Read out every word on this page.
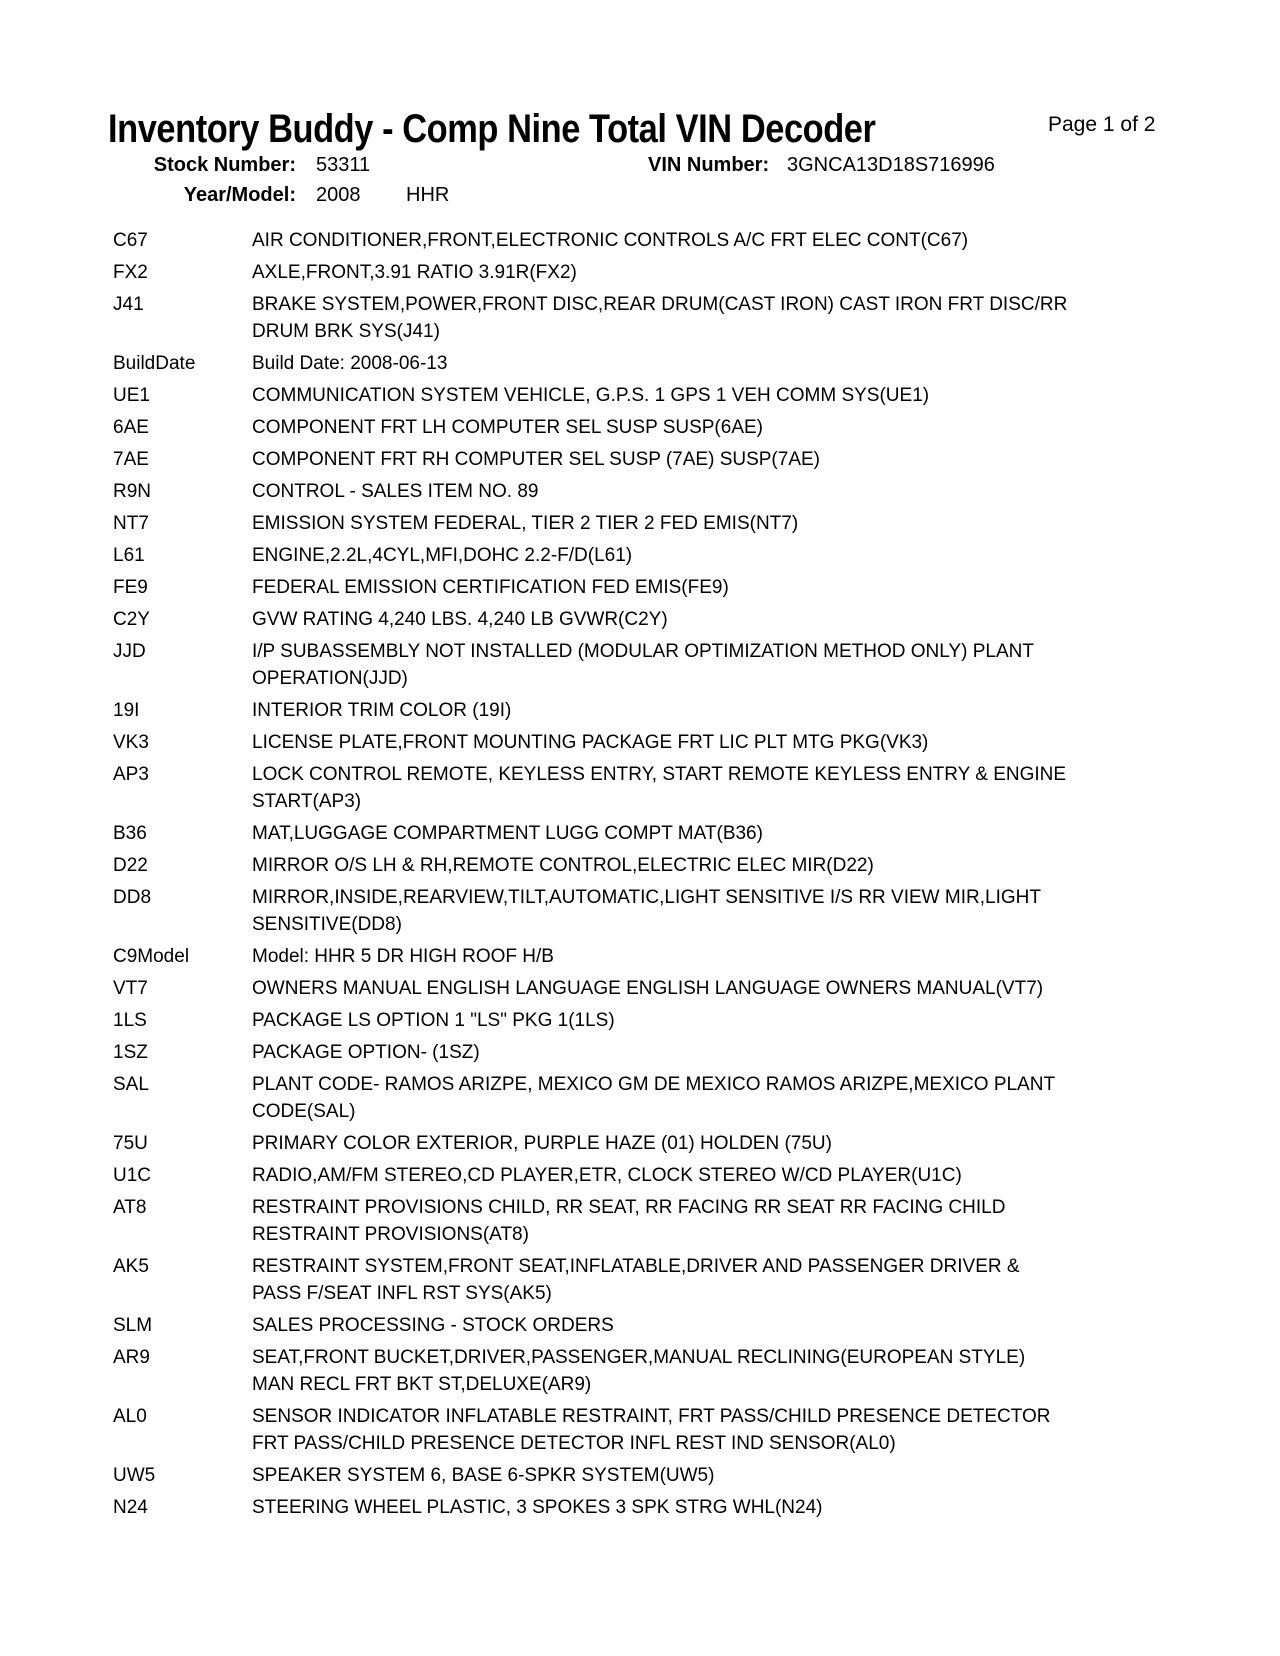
Inventory Buddy - Comp Nine Total VIN Decoder	Page 1 of 2
Stock Number: 53311	VIN Number: 3GNCA13D18S716996
Year/Model: 2008 HHR
C67	AIR CONDITIONER,FRONT,ELECTRONIC CONTROLS A/C FRT ELEC CONT(C67)
FX2	AXLE,FRONT,3.91 RATIO 3.91R(FX2)
J41	BRAKE SYSTEM,POWER,FRONT DISC,REAR DRUM(CAST IRON) CAST IRON FRT DISC/RR
DRUM BRK SYS(J41)
BuildDate	Build Date: 2008-06-13
UE1	COMMUNICATION SYSTEM VEHICLE, G.P.S. 1 GPS 1 VEH COMM SYS(UE1)
6AE	COMPONENT FRT LH COMPUTER SEL SUSP SUSP(6AE)
7AE	COMPONENT FRT RH COMPUTER SEL SUSP (7AE) SUSP(7AE)
R9N	CONTROL - SALES ITEM NO. 89
NT7	EMISSION SYSTEM FEDERAL, TIER 2 TIER 2 FED EMIS(NT7)
L61	ENGINE,2.2L,4CYL,MFI,DOHC 2.2-F/D(L61)
FE9	FEDERAL EMISSION CERTIFICATION FED EMIS(FE9)
C2Y	GVW RATING 4,240 LBS. 4,240 LB GVWR(C2Y)
JJD	I/P SUBASSEMBLY NOT INSTALLED (MODULAR OPTIMIZATION METHOD ONLY) PLANT
OPERATION(JJD)
19I	INTERIOR TRIM COLOR (19I)
VK3	LICENSE PLATE,FRONT MOUNTING PACKAGE FRT LIC PLT MTG PKG(VK3)
AP3	LOCK CONTROL REMOTE, KEYLESS ENTRY, START REMOTE KEYLESS ENTRY & ENGINE
START(AP3)
B36	MAT,LUGGAGE COMPARTMENT LUGG COMPT MAT(B36)
D22	MIRROR O/S LH & RH,REMOTE CONTROL,ELECTRIC ELEC MIR(D22)
DD8	MIRROR,INSIDE,REARVIEW,TILT,AUTOMATIC,LIGHT SENSITIVE I/S RR VIEW MIR,LIGHT
SENSITIVE(DD8)
C9Model	Model: HHR 5 DR HIGH ROOF H/B
VT7	OWNERS MANUAL ENGLISH LANGUAGE ENGLISH LANGUAGE OWNERS MANUAL(VT7)
1LS	PACKAGE LS OPTION 1 "LS" PKG 1(1LS)
1SZ	PACKAGE OPTION- (1SZ)
SAL	PLANT CODE- RAMOS ARIZPE, MEXICO GM DE MEXICO RAMOS ARIZPE,MEXICO PLANT
CODE(SAL)
75U	PRIMARY COLOR EXTERIOR, PURPLE HAZE (01) HOLDEN (75U)
U1C	RADIO,AM/FM STEREO,CD PLAYER,ETR, CLOCK STEREO W/CD PLAYER(U1C)
AT8	RESTRAINT PROVISIONS CHILD, RR SEAT, RR FACING RR SEAT RR FACING CHILD
RESTRAINT PROVISIONS(AT8)
AK5	RESTRAINT SYSTEM,FRONT SEAT,INFLATABLE,DRIVER AND PASSENGER DRIVER &
PASS F/SEAT INFL RST SYS(AK5)
SLM	SALES PROCESSING - STOCK ORDERS
AR9	SEAT,FRONT BUCKET,DRIVER,PASSENGER,MANUAL RECLINING(EUROPEAN STYLE)
MAN RECL FRT BKT ST,DELUXE(AR9)
AL0	SENSOR INDICATOR INFLATABLE RESTRAINT, FRT PASS/CHILD PRESENCE DETECTOR
FRT PASS/CHILD PRESENCE DETECTOR INFL REST IND SENSOR(AL0)
UW5	SPEAKER SYSTEM 6, BASE 6-SPKR SYSTEM(UW5)
N24	STEERING WHEEL PLASTIC, 3 SPOKES 3 SPK STRG WHL(N24)
